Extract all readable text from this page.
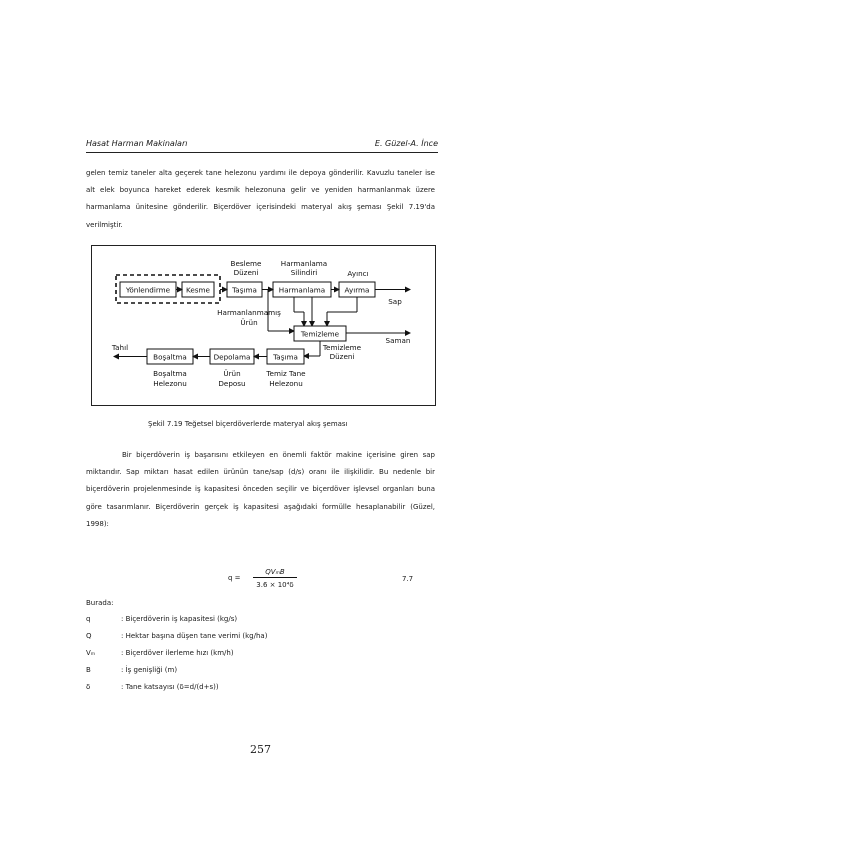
Hasat Harman Makinaları	E. Güzel-A. İnce

gelen temiz taneler alta geçerek tane helezonu yardımı ile depoya gönderilir. Kavuzlu taneler ise alt elek boyunca hareket ederek kesmik helezonuna gelir ve yeniden harmanlanmak üzere harmanlama ünitesine gönderilir. Biçerdöver içerisindeki materyal akış şeması Şekil 7.19'da verilmiştir.

Yönlendirme Kesme	Taşıma	Harmanlama	Ayırma
Besleme
Düzeni
Harmanlama
Silindiri	Ayıncı
Sap
Harmanlanmamış
Ürün
Temizleme
Saman
Temizleme
Düzeni
Boşaltma	Depolama	Taşıma
Tahıl
Boşaltma
Helezonu
Ürün
Deposu
Temiz Tane
Helezonu
Şekil 7.19 Teğetsel biçerdöverlerde materyal akış şeması

Bir biçerdöverin iş başarısını etkileyen en önemli faktör makine içerisine giren sap miktarıdır. Sap miktarı hasat edilen ürünün tane/sap (d/s) oranı ile ilişkilidir. Bu nedenle bir biçerdöverin projelenmesinde iş kapasitesi önceden seçilir ve biçerdöver işlevsel organları buna göre tasarımlanır. Biçerdöverin gerçek iş kapasitesi aşağıdaki formülle hesaplanabilir (Güzel, 1998):

q =
QVₘB
3.6 × 10⁴δ
7.7
Burada:
q	: Biçerdöverin iş kapasitesi (kg/s)
Q	: Hektar başına düşen tane verimi (kg/ha)
Vₘ	: Biçerdöver ilerleme hızı (km/h)
B	: İş genişliği (m)
δ	: Tane katsayısı (δ=d/(d+s))
257
